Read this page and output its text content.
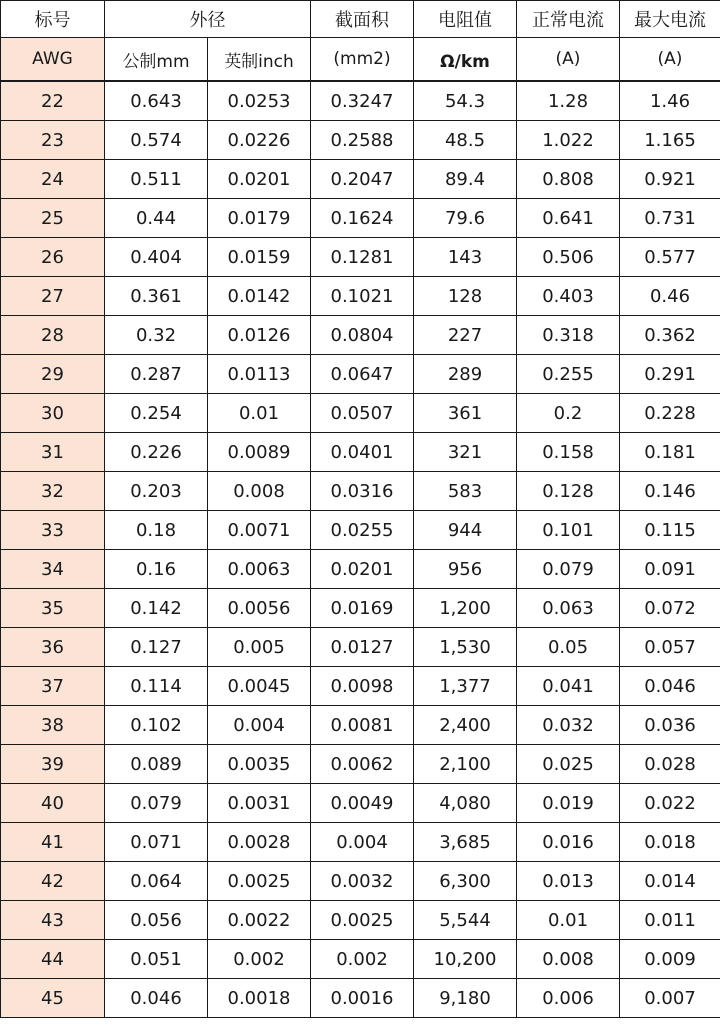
标号	外径		截面积	电阻值	正常电流	最大电流
AWG	公制mm	英制inch	(mm2)	Ω/km	(A)	(A)
22	0.643	0.0253	0.3247	54.3	1.28	1.46
23	0.574	0.0226	0.2588	48.5	1.022	1.165
24	0.511	0.0201	0.2047	89.4	0.808	0.921
25	0.44	0.0179	0.1624	79.6	0.641	0.731
26	0.404	0.0159	0.1281	143	0.506	0.577
27	0.361	0.0142	0.1021	128	0.403	0.46
28	0.32	0.0126	0.0804	227	0.318	0.362
29	0.287	0.0113	0.0647	289	0.255	0.291
30	0.254	0.01	0.0507	361	0.2	0.228
31	0.226	0.0089	0.0401	321	0.158	0.181
32	0.203	0.008	0.0316	583	0.128	0.146
33	0.18	0.0071	0.0255	944	0.101	0.115
34	0.16	0.0063	0.0201	956	0.079	0.091
35	0.142	0.0056	0.0169	1,200	0.063	0.072
36	0.127	0.005	0.0127	1,530	0.05	0.057
37	0.114	0.0045	0.0098	1,377	0.041	0.046
38	0.102	0.004	0.0081	2,400	0.032	0.036
39	0.089	0.0035	0.0062	2,100	0.025	0.028
40	0.079	0.0031	0.0049	4,080	0.019	0.022
41	0.071	0.0028	0.004	3,685	0.016	0.018
42	0.064	0.0025	0.0032	6,300	0.013	0.014
43	0.056	0.0022	0.0025	5,544	0.01	0.011
44	0.051	0.002	0.002	10,200	0.008	0.009
45	0.046	0.0018	0.0016	9,180	0.006	0.007
